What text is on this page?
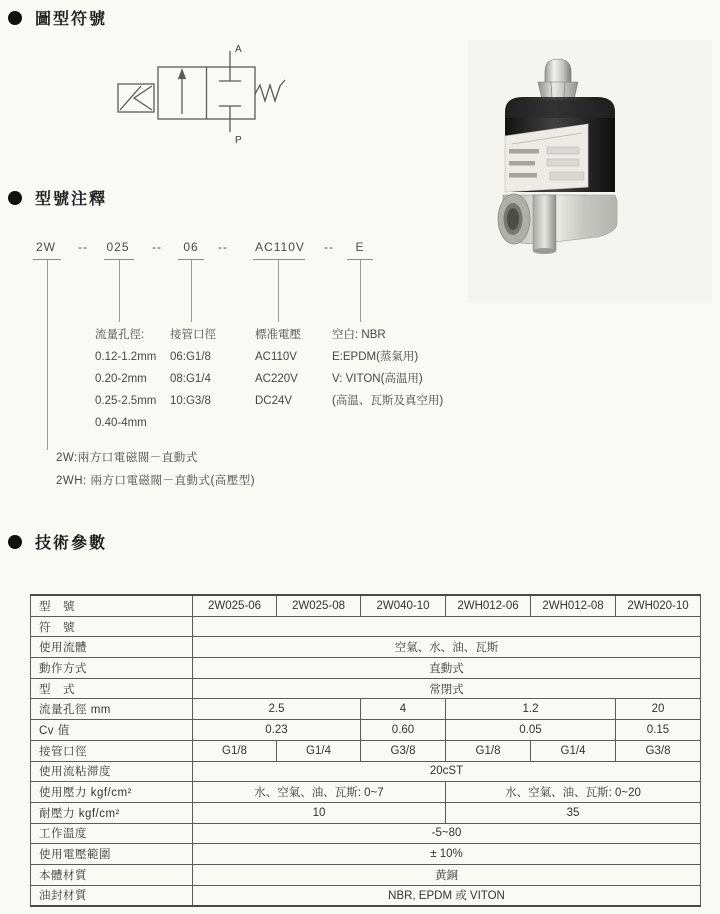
圖型符號
A
P
型號注釋
2W	--	025	--	06	--	AC110V	--	E
流量孔徑:
0.12-1.2mm
0.20-2mm
0.25-2.5mm
0.40-4mm
接管口徑
06:G1/8
08:G1/4
10:G3/8
標准電壓
AC110V
AC220V
DC24V
空白: NBR
E:EPDM(蒸氣用)
V: VITON(高温用)
(高温、瓦斯及真空用)
2W:兩方口電磁閥－直動式
2WH: 兩方口電磁閥－直動式(高壓型)
技術參數
型　號	2W025-06	2W025-08	2W040-10	2WH012-06	2WH012-08	2WH020-10
符　號						
使用流體	空氣、水、油、瓦斯					
動作方式	直動式					
型　式	常閉式					
流量孔徑 mm	2.5		4	1.2		20
Cv 值	0.23		0.60	0.05		0.15
接管口徑	G1/8	G1/4	G3/8	G1/8	G1/4	G3/8
使用流粘滞度	20cST					
使用壓力 kgf/cm²	水、空氣、油、瓦斯: 0~7			水、空氣、油、瓦斯: 0~20		
耐壓力 kgf/cm²	10			35		
工作温度	-5~80					
使用電壓範圍	± 10%					
本體材質	黄銅					
油封材質	NBR, EPDM 或 VITON					
